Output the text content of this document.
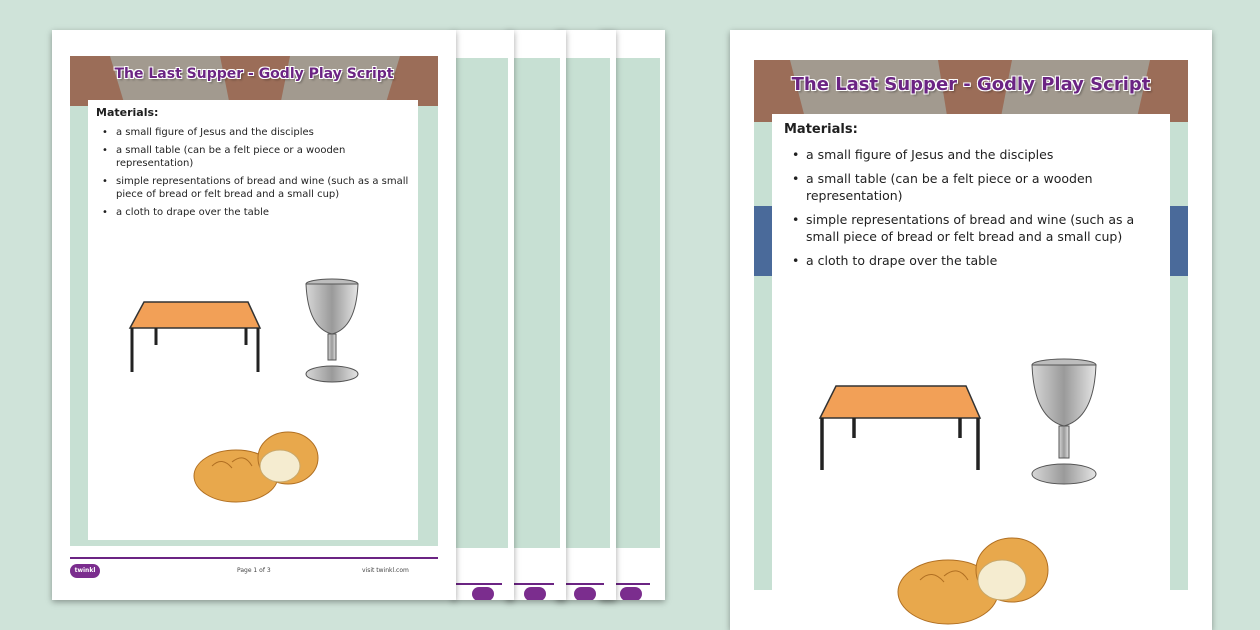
The Last Supper - Godly Play Script
Materials:
• a small figure of Jesus and the disciples
• a small table (can be a felt piece or a wooden representation)
• simple representations of bread and wine (such as a small piece of bread or felt bread and a small cup)
• a cloth to drape over the table
twinkl	Page 1 of 3	visit twinkl.com
The Last Supper - Godly Play Script
Materials:
• a small figure of Jesus and the disciples
• a small table (can be a felt piece or a wooden representation)
• simple representations of bread and wine (such as a small piece of bread or felt bread and a small cup)
• a cloth to drape over the table
